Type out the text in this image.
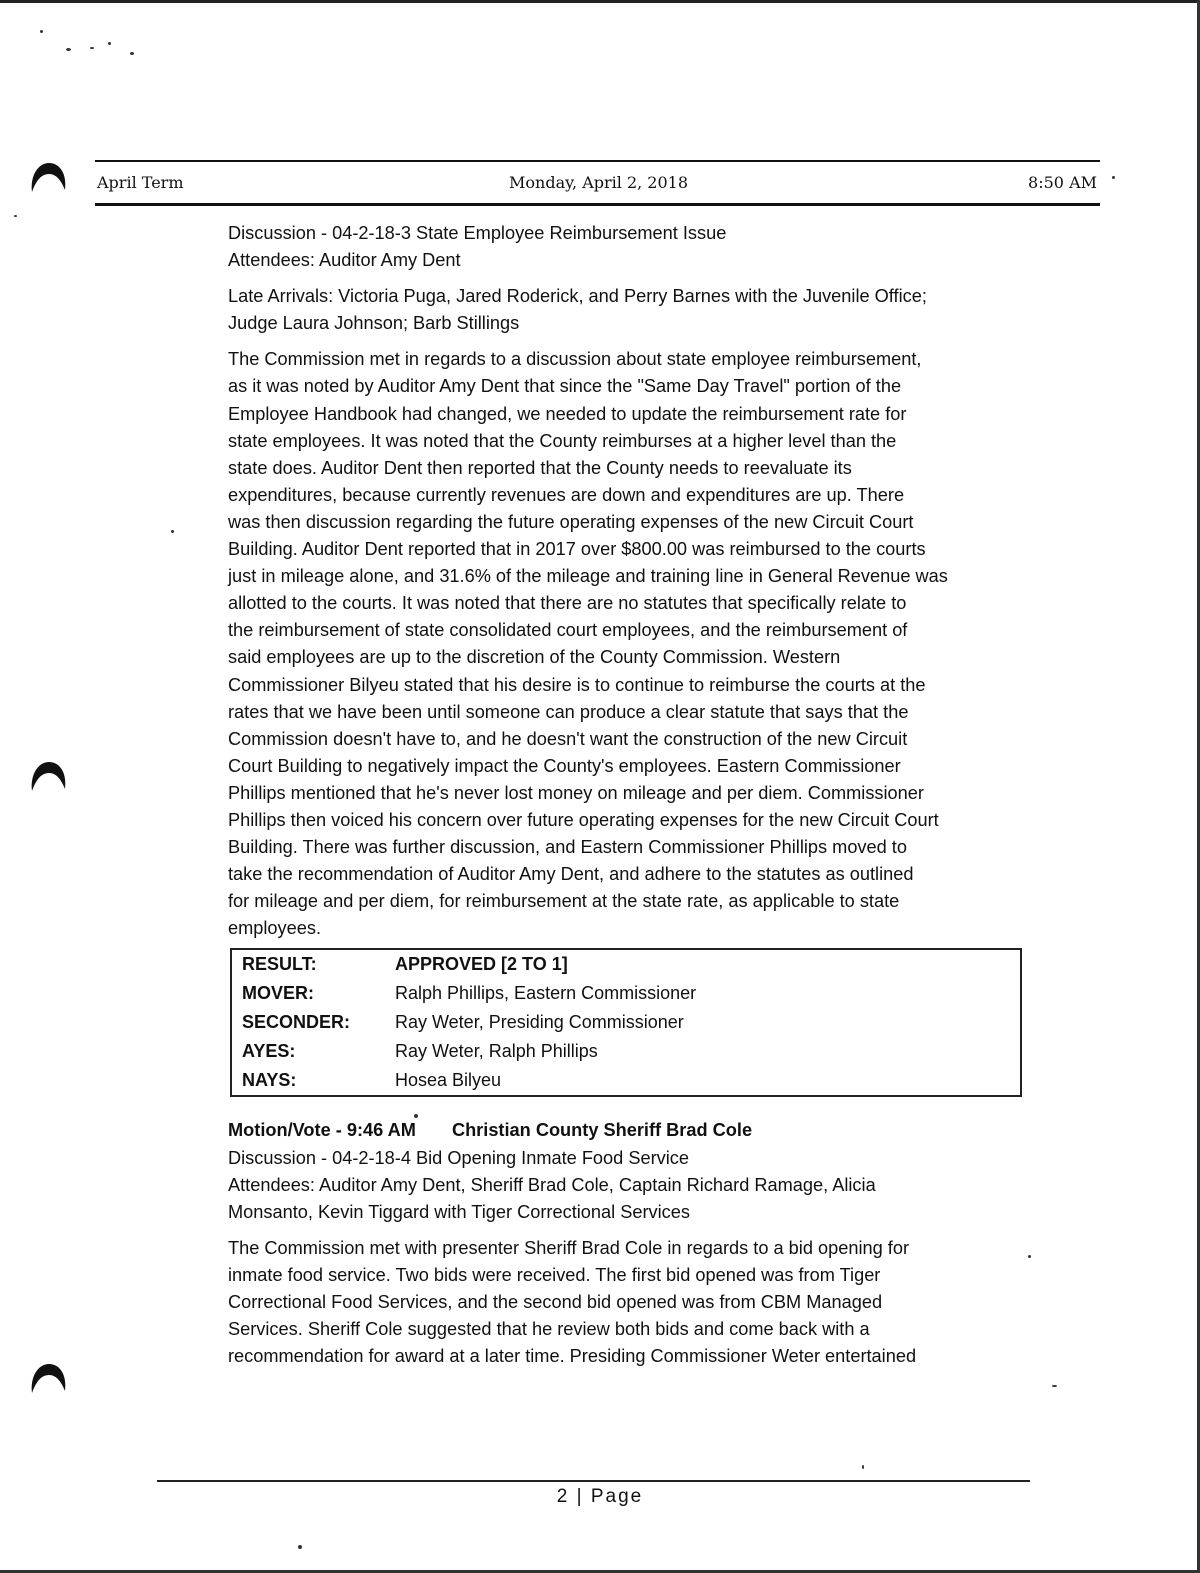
April Term	Monday, April 2, 2018	8:50 AM

Discussion - 04-2-18-3 State Employee Reimbursement Issue

Attendees: Auditor Amy Dent

Late Arrivals: Victoria Puga, Jared Roderick, and Perry Barnes with the Juvenile Office;

Judge Laura Johnson; Barb Stillings

The Commission met in regards to a discussion about state employee reimbursement,

as it was noted by Auditor Amy Dent that since the "Same Day Travel" portion of the

Employee Handbook had changed, we needed to update the reimbursement rate for

state employees. It was noted that the County reimburses at a higher level than the

state does. Auditor Dent then reported that the County needs to reevaluate its

expenditures, because currently revenues are down and expenditures are up. There

was then discussion regarding the future operating expenses of the new Circuit Court

Building. Auditor Dent reported that in 2017 over $800.00 was reimbursed to the courts

just in mileage alone, and 31.6% of the mileage and training line in General Revenue was

allotted to the courts. It was noted that there are no statutes that specifically relate to

the reimbursement of state consolidated court employees, and the reimbursement of

said employees are up to the discretion of the County Commission. Western

Commissioner Bilyeu stated that his desire is to continue to reimburse the courts at the

rates that we have been until someone can produce a clear statute that says that the

Commission doesn't have to, and he doesn't want the construction of the new Circuit

Court Building to negatively impact the County's employees. Eastern Commissioner

Phillips mentioned that he's never lost money on mileage and per diem. Commissioner

Phillips then voiced his concern over future operating expenses for the new Circuit Court

Building. There was further discussion, and Eastern Commissioner Phillips moved to

take the recommendation of Auditor Amy Dent, and adhere to the statutes as outlined

for mileage and per diem, for reimbursement at the state rate, as applicable to state

employees.

RESULT:	APPROVED [2 TO 1]
MOVER:	Ralph Phillips, Eastern Commissioner
SECONDER:	Ray Weter, Presiding Commissioner
AYES:	Ray Weter, Ralph Phillips
NAYS:	Hosea Bilyeu

Motion/Vote - 9:46 AM Christian County Sheriff Brad Cole

Discussion - 04-2-18-4 Bid Opening Inmate Food Service

Attendees: Auditor Amy Dent, Sheriff Brad Cole, Captain Richard Ramage, Alicia

Monsanto, Kevin Tiggard with Tiger Correctional Services

The Commission met with presenter Sheriff Brad Cole in regards to a bid opening for

inmate food service. Two bids were received. The first bid opened was from Tiger

Correctional Food Services, and the second bid opened was from CBM Managed

Services. Sheriff Cole suggested that he review both bids and come back with a

recommendation for award at a later time. Presiding Commissioner Weter entertained

2 | Page
